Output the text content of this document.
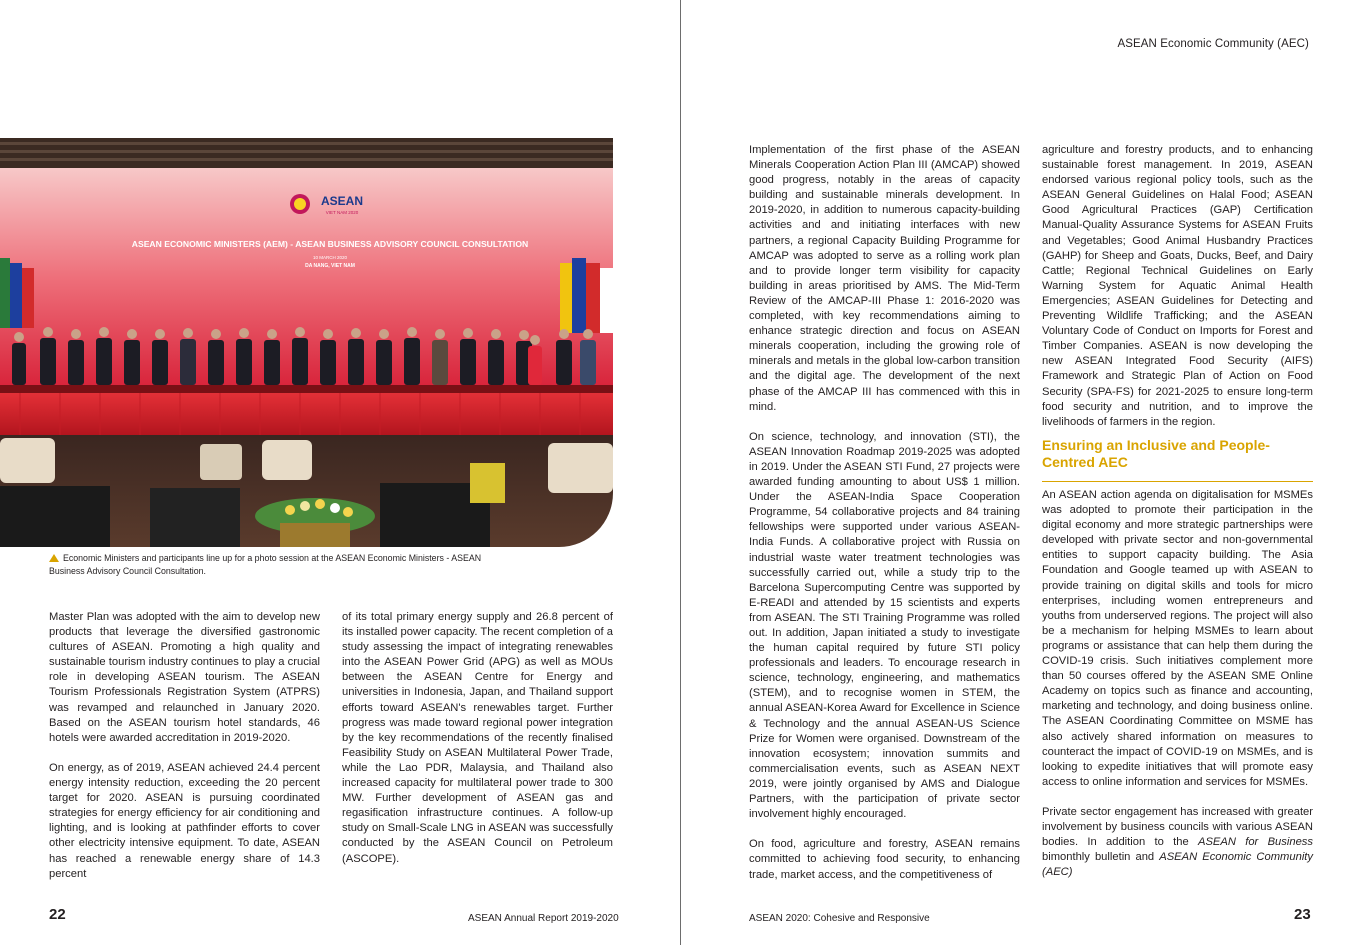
ASEAN Economic Community (AEC)
ASEAN
VIET NAM 2020
ASEAN ECONOMIC MINISTERS (AEM) - ASEAN BUSINESS ADVISORY COUNCIL CONSULTATION
10 MARCH 2020
DA NANG, VIET NAM
Economic Ministers and participants line up for a photo session at the ASEAN Economic Ministers - ASEAN Business Advisory Council Consultation.

Master Plan was adopted with the aim to develop new products that leverage the diversified gastronomic cultures of ASEAN. Promoting a high quality and sustainable tourism industry continues to play a crucial role in developing ASEAN tourism. The ASEAN Tourism Professionals Registration System (ATPRS) was revamped and relaunched in January 2020. Based on the ASEAN tourism hotel standards, 46 hotels were awarded accreditation in 2019-2020.

On energy, as of 2019, ASEAN achieved 24.4 percent energy intensity reduction, exceeding the 20 percent target for 2020. ASEAN is pursuing coordinated strategies for energy efficiency for air conditioning and lighting, and is looking at pathfinder efforts to cover other electricity intensive equipment. To date, ASEAN has reached a renewable energy share of 14.3 percent

of its total primary energy supply and 26.8 percent of its installed power capacity. The recent completion of a study assessing the impact of integrating renewables into the ASEAN Power Grid (APG) as well as MOUs between the ASEAN Centre for Energy and universities in Indonesia, Japan, and Thailand support efforts toward ASEAN's renewables target. Further progress was made toward regional power integration by the key recommendations of the recently finalised Feasibility Study on ASEAN Multilateral Power Trade, while the Lao PDR, Malaysia, and Thailand also increased capacity for multilateral power trade to 300 MW. Further development of ASEAN gas and regasification infrastructure continues. A follow-up study on Small-Scale LNG in ASEAN was successfully conducted by the ASEAN Council on Petroleum (ASCOPE).

Implementation of the first phase of the ASEAN Minerals Cooperation Action Plan III (AMCAP) showed good progress, notably in the areas of capacity building and sustainable minerals development. In 2019-2020, in addition to numerous capacity-building activities and and initiating interfaces with new partners, a regional Capacity Building Programme for AMCAP was adopted to serve as a rolling work plan and to provide longer term visibility for capacity building in areas prioritised by AMS. The Mid-Term Review of the AMCAP-III Phase 1: 2016-2020 was completed, with key recommendations aiming to enhance strategic direction and focus on ASEAN minerals cooperation, including the growing role of minerals and metals in the global low-carbon transition and the digital age. The development of the next phase of the AMCAP III has commenced with this in mind.

On science, technology, and innovation (STI), the ASEAN Innovation Roadmap 2019-2025 was adopted in 2019. Under the ASEAN STI Fund, 27 projects were awarded funding amounting to about US$ 1 million. Under the ASEAN-India Space Cooperation Programme, 54 collaborative projects and 84 training fellowships were supported under various ASEAN-India Funds. A collaborative project with Russia on industrial waste water treatment technologies was successfully carried out, while a study trip to the Barcelona Supercomputing Centre was supported by E-READI and attended by 15 scientists and experts from ASEAN. The STI Training Programme was rolled out. In addition, Japan initiated a study to investigate the human capital required by future STI policy professionals and leaders. To encourage research in science, technology, engineering, and mathematics (STEM), and to recognise women in STEM, the annual ASEAN-Korea Award for Excellence in Science & Technology and the annual ASEAN-US Science Prize for Women were organised. Downstream of the innovation ecosystem; innovation summits and commercialisation events, such as ASEAN NEXT 2019, were jointly organised by AMS and Dialogue Partners, with the participation of private sector involvement highly encouraged.

On food, agriculture and forestry, ASEAN remains committed to achieving food security, to enhancing trade, market access, and the competitiveness of

agriculture and forestry products, and to enhancing sustainable forest management. In 2019, ASEAN endorsed various regional policy tools, such as the ASEAN General Guidelines on Halal Food; ASEAN Good Agricultural Practices (GAP) Certification Manual-Quality Assurance Systems for ASEAN Fruits and Vegetables; Good Animal Husbandry Practices (GAHP) for Sheep and Goats, Ducks, Beef, and Dairy Cattle; Regional Technical Guidelines on Early Warning System for Aquatic Animal Health Emergencies; ASEAN Guidelines for Detecting and Preventing Wildlife Trafficking; and the ASEAN Voluntary Code of Conduct on Imports for Forest and Timber Companies. ASEAN is now developing the new ASEAN Integrated Food Security (AIFS) Framework and Strategic Plan of Action on Food Security (SPA-FS) for 2021-2025 to ensure long-term food security and nutrition, and to improve the livelihoods of farmers in the region.

Ensuring an Inclusive and People-Centred AEC

An ASEAN action agenda on digitalisation for MSMEs was adopted to promote their participation in the digital economy and more strategic partnerships were developed with private sector and non-governmental entities to support capacity building. The Asia Foundation and Google teamed up with ASEAN to provide training on digital skills and tools for micro enterprises, including women entrepreneurs and youths from underserved regions. The project will also be a mechanism for helping MSMEs to learn about programs or assistance that can help them during the COVID-19 crisis. Such initiatives complement more than 50 courses offered by the ASEAN SME Online Academy on topics such as finance and accounting, marketing and technology, and doing business online. The ASEAN Coordinating Committee on MSME has also actively shared information on measures to counteract the impact of COVID-19 on MSMEs, and is looking to expedite initiatives that will promote easy access to online information and services for MSMEs.

Private sector engagement has increased with greater involvement by business councils with various ASEAN bodies. In addition to the ASEAN for Business bimonthly bulletin and ASEAN Economic Community (AEC)

22	ASEAN Annual Report 2019-2020	ASEAN 2020: Cohesive and Responsive	23
